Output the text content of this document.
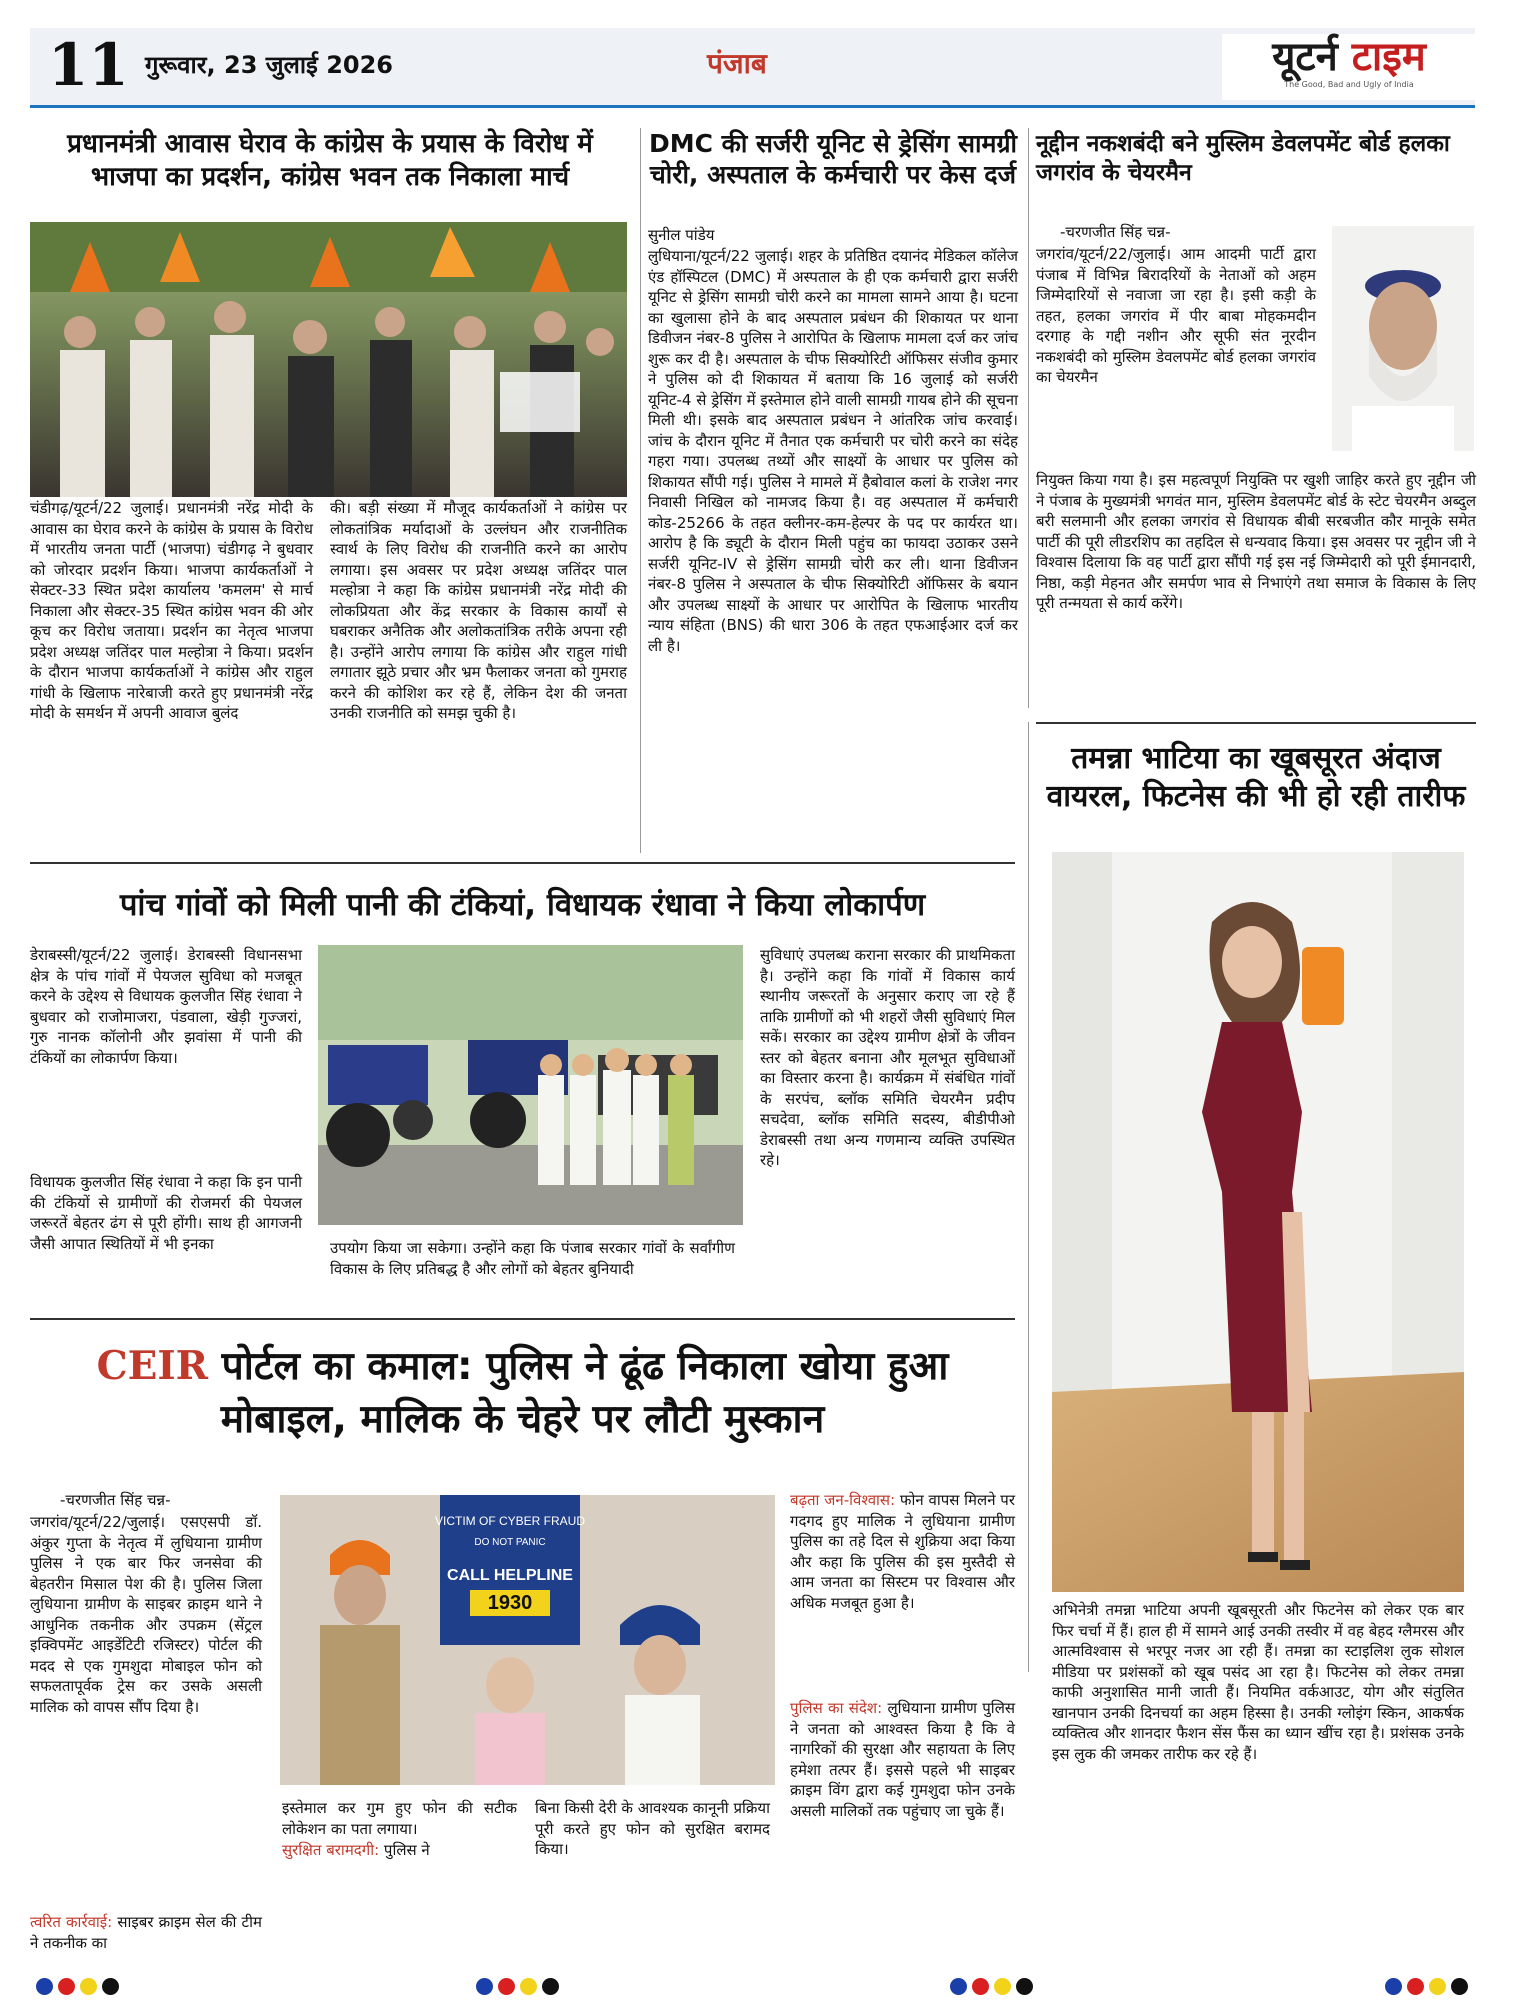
11 गुरूवार, 23 जुलाई 2026	पंजाब	यूटर्न टाइम
The Good, Bad and Ugly of India
प्रधानमंत्री आवास घेराव के कांग्रेस के प्रयास के विरोध में भाजपा का प्रदर्शन, कांग्रेस भवन तक निकाला मार्च
चंडीगढ़/यूटर्न/22 जुलाई। प्रधानमंत्री नरेंद्र मोदी के आवास का घेराव करने के कांग्रेस के प्रयास के विरोध में भारतीय जनता पार्टी (भाजपा) चंडीगढ़ ने बुधवार को जोरदार प्रदर्शन किया। भाजपा कार्यकर्ताओं ने सेक्टर-33 स्थित प्रदेश कार्यालय 'कमलम' से मार्च निकाला और सेक्टर-35 स्थित कांग्रेस भवन की ओर कूच कर विरोध जताया। प्रदर्शन का नेतृत्व भाजपा प्रदेश अध्यक्ष जतिंदर पाल मल्होत्रा ने किया। प्रदर्शन के दौरान भाजपा कार्यकर्ताओं ने कांग्रेस और राहुल गांधी के खिलाफ नारेबाजी करते हुए प्रधानमंत्री नरेंद्र मोदी के समर्थन में अपनी आवाज बुलंद
की। बड़ी संख्या में मौजूद कार्यकर्ताओं ने कांग्रेस पर लोकतांत्रिक मर्यादाओं के उल्लंघन और राजनीतिक स्वार्थ के लिए विरोध की राजनीति करने का आरोप लगाया। इस अवसर पर प्रदेश अध्यक्ष जतिंदर पाल मल्होत्रा ने कहा कि कांग्रेस प्रधानमंत्री नरेंद्र मोदी की लोकप्रियता और केंद्र सरकार के विकास कार्यों से घबराकर अनैतिक और अलोकतांत्रिक तरीके अपना रही है। उन्होंने आरोप लगाया कि कांग्रेस और राहुल गांधी लगातार झूठे प्रचार और भ्रम फैलाकर जनता को गुमराह करने की कोशिश कर रहे हैं, लेकिन देश की जनता उनकी राजनीति को समझ चुकी है।
DMC की सर्जरी यूनिट से ड्रेसिंग सामग्री चोरी, अस्पताल के कर्मचारी पर केस दर्ज
सुनील पांडेय
लुधियाना/यूटर्न/22 जुलाई। शहर के प्रतिष्ठित दयानंद मेडिकल कॉलेज एंड हॉस्पिटल (DMC) में अस्पताल के ही एक कर्मचारी द्वारा सर्जरी यूनिट से ड्रेसिंग सामग्री चोरी करने का मामला सामने आया है। घटना का खुलासा होने के बाद अस्पताल प्रबंधन की शिकायत पर थाना डिवीजन नंबर-8 पुलिस ने आरोपित के खिलाफ मामला दर्ज कर जांच शुरू कर दी है। अस्पताल के चीफ सिक्योरिटी ऑफिसर संजीव कुमार ने पुलिस को दी शिकायत में बताया कि 16 जुलाई को सर्जरी यूनिट-4 से ड्रेसिंग में इस्तेमाल होने वाली सामग्री गायब होने की सूचना मिली थी। इसके बाद अस्पताल प्रबंधन ने आंतरिक जांच करवाई। जांच के दौरान यूनिट में तैनात एक कर्मचारी पर चोरी करने का संदेह गहरा गया। उपलब्ध तथ्यों और साक्ष्यों के आधार पर पुलिस को शिकायत सौंपी गई। पुलिस ने मामले में हैबोवाल कलां के राजेश नगर निवासी निखिल को नामजद किया है। वह अस्पताल में कर्मचारी कोड-25266 के तहत क्लीनर-कम-हेल्पर के पद पर कार्यरत था। आरोप है कि ड्यूटी के दौरान मिली पहुंच का फायदा उठाकर उसने सर्जरी यूनिट-IV से ड्रेसिंग सामग्री चोरी कर ली। थाना डिवीजन नंबर-8 पुलिस ने अस्पताल के चीफ सिक्योरिटी ऑफिसर के बयान और उपलब्ध साक्ष्यों के आधार पर आरोपित के खिलाफ भारतीय न्याय संहिता (BNS) की धारा 306 के तहत एफआईआर दर्ज कर ली है।
नूद्दीन नकशबंदी बने मुस्लिम डेवलपमेंट बोर्ड हलका जगरांव के चेयरमैन
-चरणजीत सिंह चन्न-
जगरांव/यूटर्न/22/जुलाई। आम आदमी पार्टी द्वारा पंजाब में विभिन्न बिरादरियों के नेताओं को अहम जिम्मेदारियों से नवाजा जा रहा है। इसी कड़ी के तहत, हलका जगरांव में पीर बाबा मोहकमदीन दरगाह के गद्दी नशीन और सूफी संत नूरदीन नकशबंदी को मुस्लिम डेवलपमेंट बोर्ड हलका जगरांव का चेयरमैन
नियुक्त किया गया है। इस महत्वपूर्ण नियुक्ति पर खुशी जाहिर करते हुए नूद्दीन जी ने पंजाब के मुख्यमंत्री भगवंत मान, मुस्लिम डेवलपमेंट बोर्ड के स्टेट चेयरमैन अब्दुल बरी सलमानी और हलका जगरांव से विधायक बीबी सरबजीत कौर मानूके समेत पार्टी की पूरी लीडरशिप का तहदिल से धन्यवाद किया। इस अवसर पर नूद्दीन जी ने विश्वास दिलाया कि वह पार्टी द्वारा सौंपी गई इस नई जिम्मेदारी को पूरी ईमानदारी, निष्ठा, कड़ी मेहनत और समर्पण भाव से निभाएंगे तथा समाज के विकास के लिए पूरी तन्मयता से कार्य करेंगे।
तमन्ना भाटिया का खूबसूरत अंदाज वायरल, फिटनेस की भी हो रही तारीफ
अभिनेत्री तमन्ना भाटिया अपनी खूबसूरती और फिटनेस को लेकर एक बार फिर चर्चा में हैं। हाल ही में सामने आई उनकी तस्वीर में वह बेहद ग्लैमरस और आत्मविश्वास से भरपूर नजर आ रही हैं। तमन्ना का स्टाइलिश लुक सोशल मीडिया पर प्रशंसकों को खूब पसंद आ रहा है। फिटनेस को लेकर तमन्ना काफी अनुशासित मानी जाती हैं। नियमित वर्कआउट, योग और संतुलित खानपान उनकी दिनचर्या का अहम हिस्सा है। उनकी ग्लोइंग स्किन, आकर्षक व्यक्तित्व और शानदार फैशन सेंस फैंस का ध्यान खींच रहा है। प्रशंसक उनके इस लुक की जमकर तारीफ कर रहे हैं।
पांच गांवों को मिली पानी की टंकियां, विधायक रंधावा ने किया लोकार्पण
डेराबस्सी/यूटर्न/22 जुलाई। डेराबस्सी विधानसभा क्षेत्र के पांच गांवों में पेयजल सुविधा को मजबूत करने के उद्देश्य से विधायक कुलजीत सिंह रंधावा ने बुधवार को राजोमाजरा, पंडवाला, खेड़ी गुज्जरां, गुरु नानक कॉलोनी और झवांसा में पानी की टंकियों का लोकार्पण किया।
विधायक कुलजीत सिंह रंधावा ने कहा कि इन पानी की टंकियों से ग्रामीणों की रोजमर्रा की पेयजल जरूरतें बेहतर ढंग से पूरी होंगी। साथ ही आगजनी जैसी आपात स्थितियों में भी इनका	उपयोग किया जा सकेगा। उन्होंने कहा कि पंजाब सरकार गांवों के सर्वांगीण विकास के लिए प्रतिबद्ध है और लोगों को बेहतर बुनियादी
सुविधाएं उपलब्ध कराना सरकार की प्राथमिकता है। उन्होंने कहा कि गांवों में विकास कार्य स्थानीय जरूरतों के अनुसार कराए जा रहे हैं ताकि ग्रामीणों को भी शहरों जैसी सुविधाएं मिल सकें। सरकार का उद्देश्य ग्रामीण क्षेत्रों के जीवन स्तर को बेहतर बनाना और मूलभूत सुविधाओं का विस्तार करना है। कार्यक्रम में संबंधित गांवों के सरपंच, ब्लॉक समिति चेयरमैन प्रदीप सचदेवा, ब्लॉक समिति सदस्य, बीडीपीओ डेराबस्सी तथा अन्य गणमान्य व्यक्ति उपस्थित रहे।
CEIR पोर्टल का कमाल: पुलिस ने ढूंढ निकाला खोया हुआ मोबाइल, मालिक के चेहरे पर लौटी मुस्कान
-चरणजीत सिंह चन्न-
जगरांव/यूटर्न/22/जुलाई। एसएसपी डॉ. अंकुर गुप्ता के नेतृत्व में लुधियाना ग्रामीण पुलिस ने एक बार फिर जनसेवा की बेहतरीन मिसाल पेश की है। पुलिस जिला लुधियाना ग्रामीण के साइबर क्राइम थाने ने आधुनिक तकनीक और उपक्रम (सेंट्रल इक्विपमेंट आइडेंटिटी रजिस्टर) पोर्टल की मदद से एक गुमशुदा मोबाइल फोन को सफलतापूर्वक ट्रेस कर उसके असली मालिक को वापस सौंप दिया है।
त्वरित कार्रवाई: साइबर क्राइम सेल की टीम ने तकनीक का
VICTIM OF CYBER FRAUD
DO NOT PANIC
CALL HELPLINE
1930
इस्तेमाल कर गुम हुए फोन की सटीक लोकेशन का पता लगाया।
सुरक्षित बरामदगी: पुलिस ने
बिना किसी देरी के आवश्यक कानूनी प्रक्रिया पूरी करते हुए फोन को सुरक्षित बरामद किया।
बढ़ता जन-विश्वास: फोन वापस मिलने पर गदगद हुए मालिक ने लुधियाना ग्रामीण पुलिस का तहे दिल से शुक्रिया अदा किया और कहा कि पुलिस की इस मुस्तैदी से आम जनता का सिस्टम पर विश्वास और अधिक मजबूत हुआ है।
पुलिस का संदेश: लुधियाना ग्रामीण पुलिस ने जनता को आश्वस्त किया है कि वे नागरिकों की सुरक्षा और सहायता के लिए हमेशा तत्पर हैं। इससे पहले भी साइबर क्राइम विंग द्वारा कई गुमशुदा फोन उनके असली मालिकों तक पहुंचाए जा चुके हैं।
